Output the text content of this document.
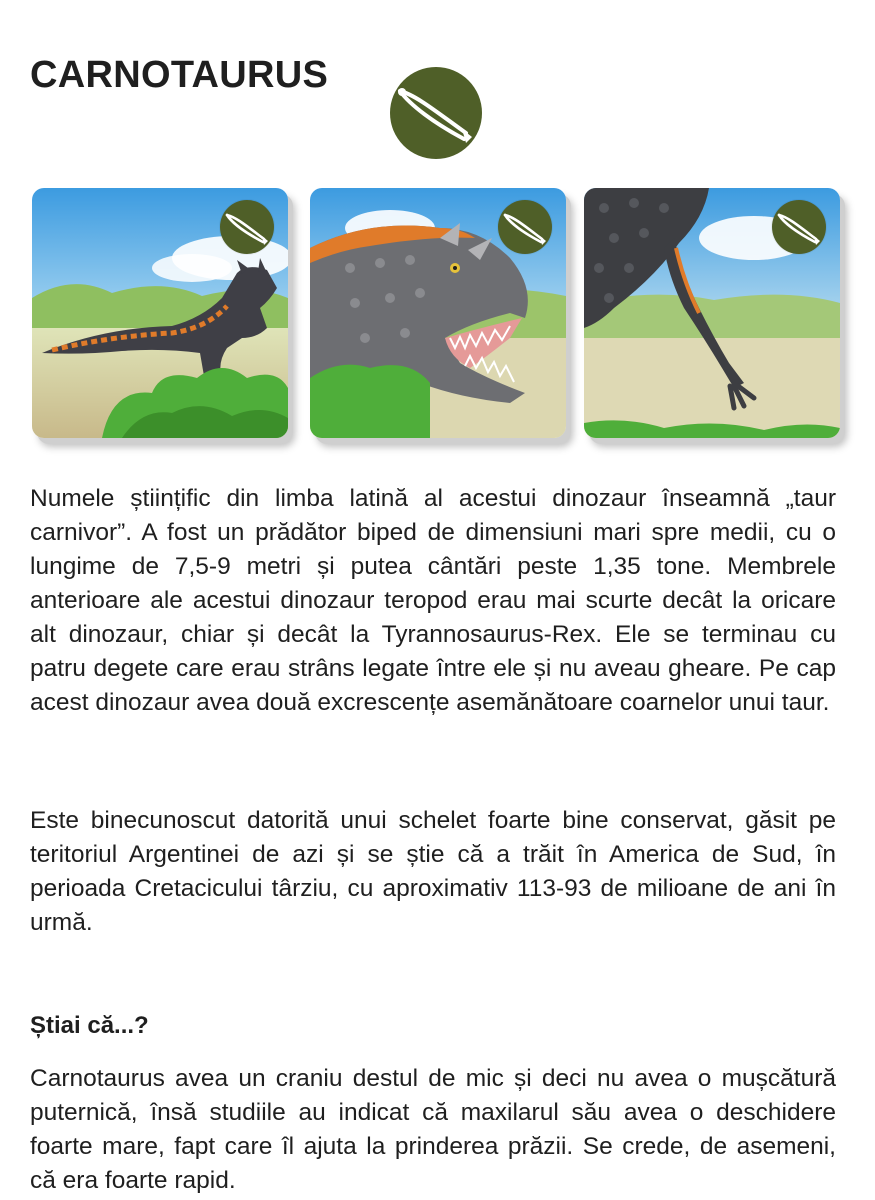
CARNOTAURUS

Numele științific din limba latină al acestui dinozaur înseamnă „taur carnivor”. A fost un prădător biped de dimensiuni mari spre medii, cu o lungime de 7,5-9 metri și putea cântări peste 1,35 tone. Membrele anterioare ale acestui dinozaur teropod erau mai scurte decât la oricare alt dinozaur, chiar și decât la Tyrannosaurus-Rex. Ele se terminau cu patru degete care erau strâns legate între ele și nu aveau gheare. Pe cap acest dinozaur avea două excrescențe asemănătoare coarnelor unui taur.

Este binecunoscut datorită unui schelet foarte bine conservat, găsit pe teritoriul Argentinei de azi și se știe că a trăit în America de Sud, în perioada Cretacicului târziu, cu aproximativ 113-93 de milioane de ani în urmă.

Știai că...?

Carnotaurus avea un craniu destul de mic și deci nu avea o mușcătură puternică, însă studiile au indicat că maxilarul său avea o deschidere foarte mare, fapt care îl ajuta la prinderea prăzii. Se crede, de asemeni, că era foarte rapid.
